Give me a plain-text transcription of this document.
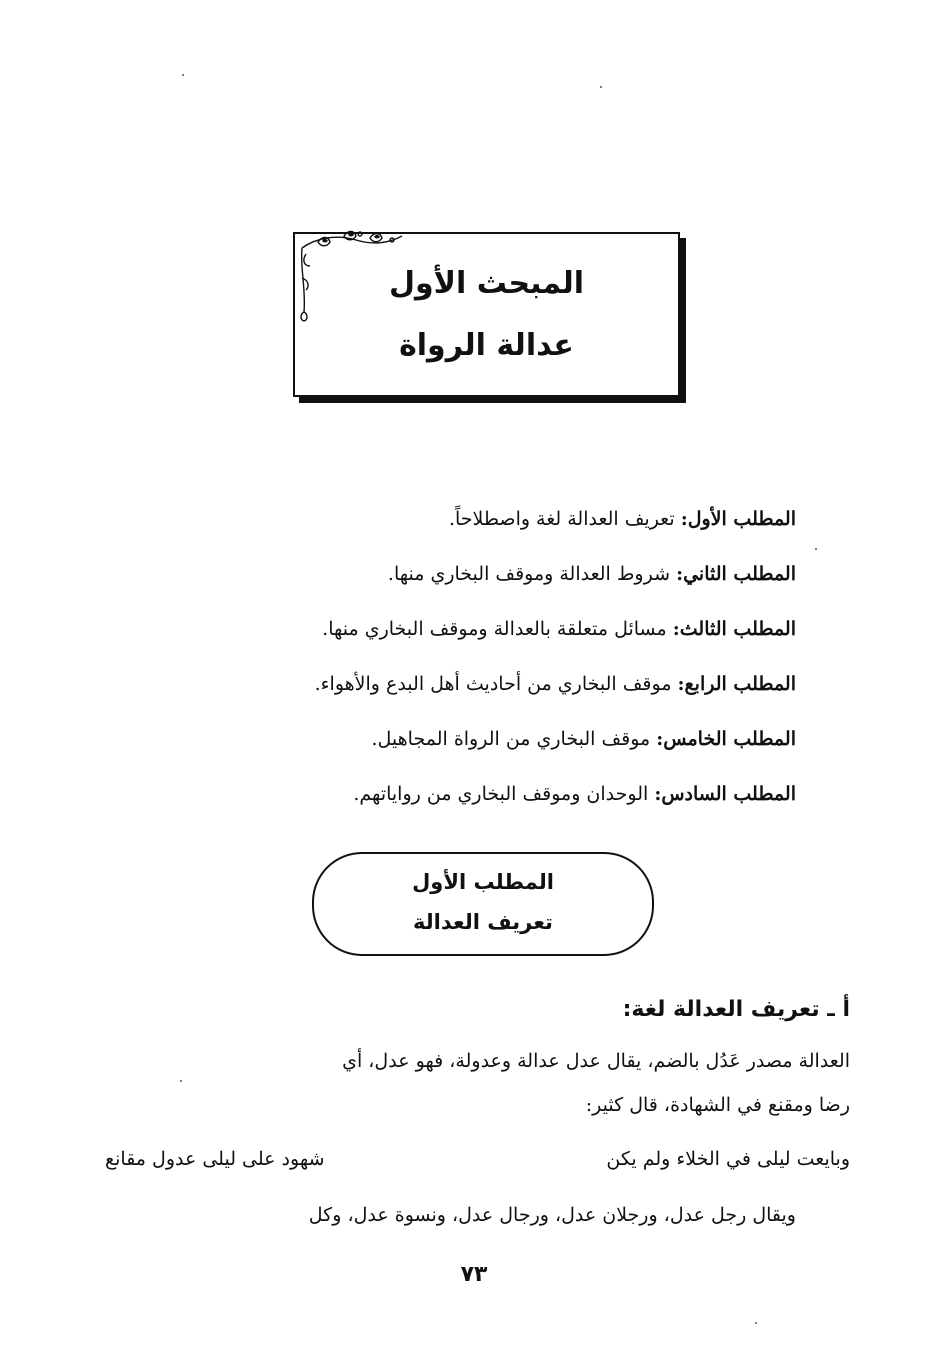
المبحث الأول
عدالة الرواة
المطلب الأول: تعريف العدالة لغة واصطلاحاً.
المطلب الثاني: شروط العدالة وموقف البخاري منها.
المطلب الثالث: مسائل متعلقة بالعدالة وموقف البخاري منها.
المطلب الرابع: موقف البخاري من أحاديث أهل البدع والأهواء.
المطلب الخامس: موقف البخاري من الرواة المجاهيل.
المطلب السادس: الوحدان وموقف البخاري من رواياتهم.
المطلب الأول
تعريف العدالة
أ ـ تعريف العدالة لغة:
العدالة مصدر عَدُل بالضم، يقال عدل عدالة وعدولة، فهو عدل، أي
رضا ومقنع في الشهادة، قال كثير:
وبايعت ليلى في الخلاء ولم يكن
شهود على ليلى عدول مقانع
ويقال رجل عدل، ورجلان عدل، ورجال عدل، ونسوة عدل، وكل
٧٣
